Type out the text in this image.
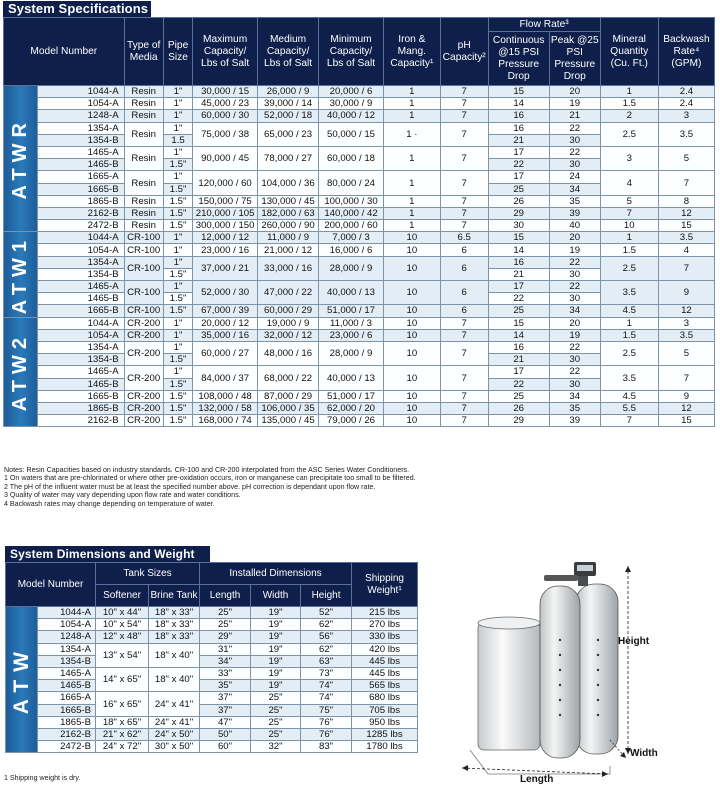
System Specifications
Model Number		Type of Media	Pipe Size	Maximum Capacity/ Lbs of Salt	Medium Capacity/ Lbs of Salt	Minimum Capacity/ Lbs of Salt	Iron & Mang. Capacity¹	pH Capacity²	Flow Rate³		Mineral Quantity (Cu. Ft.)	Backwash Rate⁴ (GPM)
									Continuous @15 PSI Pressure Drop	Peak @25 PSI Pressure Drop		
ATWR	1044-A	Resin	1"	30,000 / 15	26,000 / 9	20,000 / 6	1	7	15	20	1	2.4
	1054-A	Resin	1"	45,000 / 23	39,000 / 14	30,000 / 9	1	7	14	19	1.5	2.4
	1248-A	Resin	1"	60,000 / 30	52,000 / 18	40,000 / 12	1	7	16	21	2	3
	1354-A	Resin	1"	75,000 / 38	65,000 / 23	50,000 / 15	1 ·	7	16	22	2.5	3.5
	1354-B		1.5						21	30		
	1465-A	Resin	1"	90,000 / 45	78,000 / 27	60,000 / 18	1	7	17	22	3	5
	1465-B		1.5"						22	30		
	1665-A	Resin	1"	120,000 / 60	104,000 / 36	80,000 / 24	1	7	17	24	4	7
	1665-B		1.5"						25	34		
	1865-B	Resin	1.5"	150,000 / 75	130,000 / 45	100,000 / 30	1	7	26	35	5	8
	2162-B	Resin	1.5"	210,000 / 105	182,000 / 63	140,000 / 42	1	7	29	39	7	12
	2472-B	Resin	1.5"	300,000 / 150	260,000 / 90	200,000 / 60	1	7	30	40	10	15
ATW1	1044-A	CR-100	1"	12,000 / 12	11,000 / 9	7,000 / 3	10	6.5	15	20	1	3.5
	1054-A	CR-100	1"	23,000 / 16	21,000 / 12	16,000 / 6	10	6	14	19	1.5	4
	1354-A	CR-100	1"	37,000 / 21	33,000 / 16	28,000 / 9	10	6	16	22	2.5	7
	1354-B		1.5"						21	30		
	1465-A	CR-100	1"	52,000 / 30	47,000 / 22	40,000 / 13	10	6	17	22	3.5	9
	1465-B		1.5"						22	30		
	1665-B	CR-100	1.5"	67,000 / 39	60,000 / 29	51,000 / 17	10	6	25	34	4.5	12
ATW2	1044-A	CR-200	1"	20,000 / 12	19,000 / 9	11,000 / 3	10	7	15	20	1	3
	1054-A	CR-200	1"	35,000 / 16	32,000 / 12	23,000 / 6	10	7	14	19	1.5	3.5
	1354-A	CR-200	1"	60,000 / 27	48,000 / 16	28,000 / 9	10	7	16	22	2.5	5
	1354-B		1.5"						21	30		
	1465-A	CR-200	1"	84,000 / 37	68,000 / 22	40,000 / 13	10	7	17	22	3.5	7
	1465-B		1.5"						22	30		
	1665-B	CR-200	1.5"	108,000 / 48	87,000 / 29	51,000 / 17	10	7	25	34	4.5	9
	1865-B	CR-200	1.5"	132,000 / 58	106,000 / 35	62,000 / 20	10	7	26	35	5.5	12
	2162-B	CR-200	1.5"	168,000 / 74	135,000 / 45	79,000 / 26	10	7	29	39	7	15
Notes: Resin Capacities based on industry standards. CR-100 and CR-200 interpolated from the ASC Series Water Conditioners.
1 On waters that are pre-chlorinated or where other pre-oxidation occurs, iron or manganese can precipitate too small to be filtered.
2 The pH of the influent water must be at least the specified number above. pH correction is dependant upon flow rate.
3 Quality of water may vary depending upon flow rate and water conditions.
4 Backwash rates may change depending on temperature of water.
System Dimensions and Weight
Model Number		Tank Sizes		Installed Dimensions			Shipping Weight¹
		Softener	Brine Tank	Length	Width	Height	
ATW	1044-A	10" x 44"	18" x 33"	25"	19"	52"	215 lbs
	1054-A	10" x 54"	18" x 33"	25"	19"	62"	270 lbs
	1248-A	12" x 48"	18" x 33"	29"	19"	56"	330 lbs
	1354-A	13" x 54"	18" x 40"	31"	19"	62"	420 lbs
	1354-B			34"	19"	63"	445 lbs
	1465-A	14" x 65"	18" x 40"	33"	19"	73"	445 lbs
	1465-B			35"	19"	74"	565 lbs
	1665-A	16" x 65"	24" x 41"	37"	25"	74"	680 lbs
	1665-B			37"	25"	75"	705 lbs
	1865-B	18" x 65"	24" x 41"	47"	25"	76"	950 lbs
	2162-B	21" x 62"	24" x 50"	50"	25"	76"	1285 lbs
	2472-B	24" x 72"	30" x 50"	60"	32"	83"	1780 lbs
1 Shipping weight is dry.
Height
Width
Length
